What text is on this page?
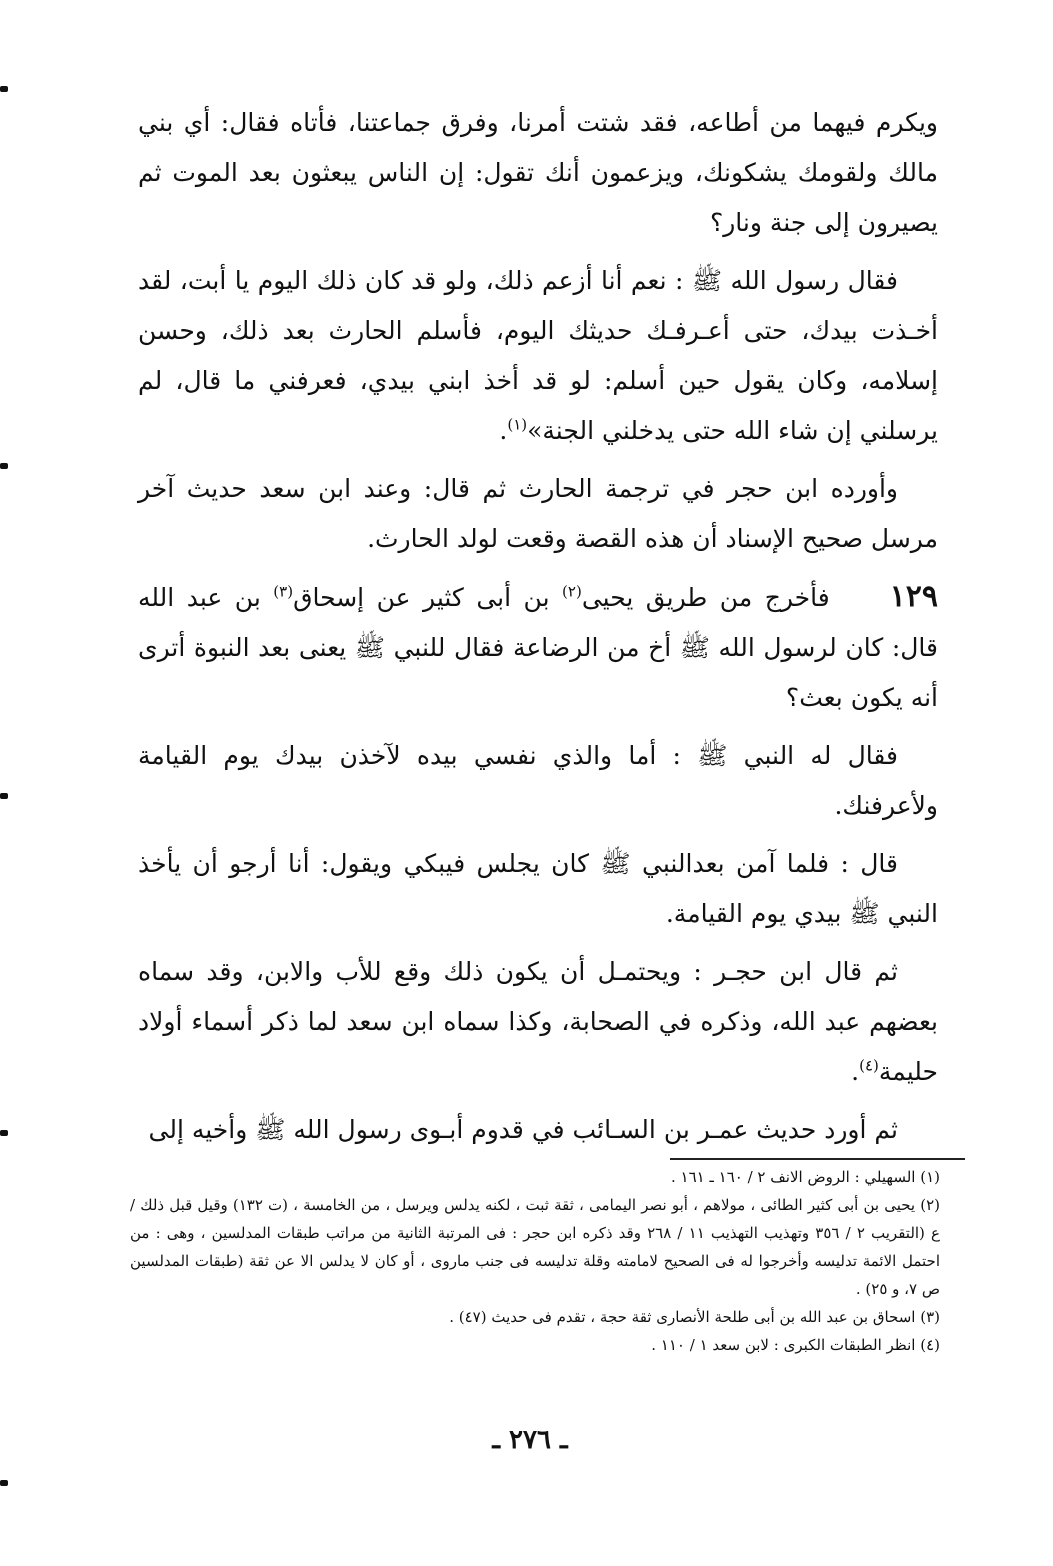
ويكرم فيهما من أطاعه، فقد شتت أمرنا، وفرق جماعتنا، فأتاه فقال: أي بني مالك ولقومك يشكونك، ويزعمون أنك تقول: إن الناس يبعثون بعد الموت ثم يصيرون إلى جنة ونار؟

فقال رسول الله ﷺ : نعم أنا أزعم ذلك، ولو قد كان ذلك اليوم يا أبت، لقد أخـذت بيدك، حتى أعـرفـك حديثك اليوم، فأسلم الحارث بعد ذلك، وحسن إسلامه، وكان يقول حين أسلم: لو قد أخذ ابني بيدي، فعرفني ما قال، لم يرسلني إن شاء الله حتى يدخلني الجنة»$^{(١)}$.

وأورده ابن حجر في ترجمة الحارث ثم قال: وعند ابن سعد حديث آخر مرسل صحيح الإسناد أن هذه القصة وقعت لولد الحارث.

١٢٩فأخرج من طريق يحيى$^{(٢)}$ بن أبى كثير عن إسحاق$^{(٣)}$ بن عبد الله قال: كان لرسول الله ﷺ أخ من الرضاعة فقال للنبي ﷺ يعنى بعد النبوة أترى أنه يكون بعث؟

فقال له النبي ﷺ : أما والذي نفسي بيده لآخذن بيدك يوم القيامة ولأعرفنك.

قال : فلما آمن بعدالنبي ﷺ كان يجلس فيبكي ويقول: أنا أرجو أن يأخذ النبي ﷺ بيدي يوم القيامة.

ثم قال ابن حجـر : ويحتمـل أن يكون ذلك وقع للأب والابن، وقد سماه بعضهم عبد الله، وذكره في الصحابة، وكذا سماه ابن سعد لما ذكر أسماء أولاد حليمة$^{(٤)}$.

ثم أورد حديث عمـر بن السـائب في قدوم أبـوى رسول الله ﷺ وأخيه إلى

(١) السهيلي : الروض الانف ٢ / ١٦٠ ـ ١٦١ .

(٢) يحيى بن أبى كثير الطائى ، مولاهم ، أبو نصر اليمامى ، ثقة ثبت ، لكنه يدلس ويرسل ، من الخامسة ، (ت ١٣٢) وقيل قبل ذلك / ع (التقريب ٢ / ٣٥٦ وتهذيب التهذيب ١١ / ٢٦٨ وقد ذكره ابن حجر : فى المرتبة الثانية من مراتب طبقات المدلسين ، وهى : من احتمل الائمة تدليسه وأخرجوا له فى الصحيح لامامته وقلة تدليسه فى جنب ماروى ، أو كان لا يدلس الا عن ثقة (طبقات المدلسين ص ٧، و ٢٥) .

(٣) اسحاق بن عبد الله بن أبى طلحة الأنصارى ثقة حجة ، تقدم فى حديث (٤٧) .

(٤) انظر الطبقات الكبرى : لابن سعد ١ / ١١٠ .

ـ ٢٧٦ ـ
